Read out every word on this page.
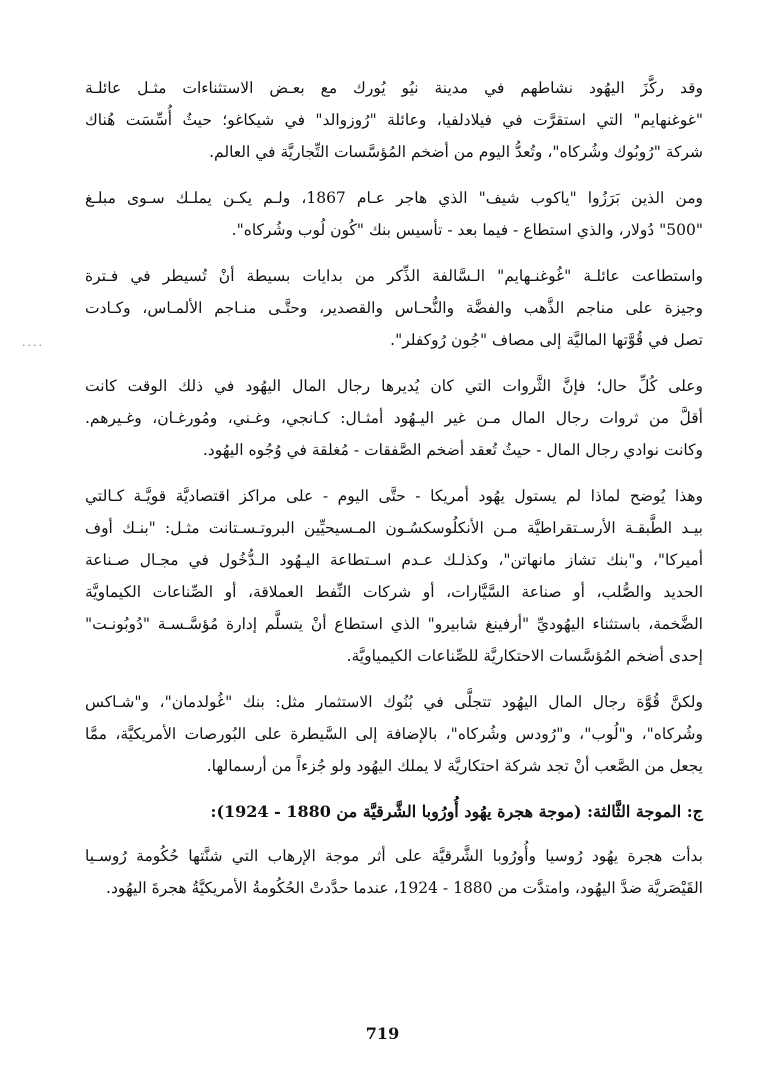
وقد ركَّزَ اليهُود نشاطهم في مدينة نيُو يُورك مع بعـض الاستثناءات مثـل عائلـة
"غوغنهايم" التي استقرَّت في فيلادلفيا، وعائلة "رُوزوالد" في شيكاغو؛ حيثُ أُسِّسَت هُناك
شركة "رُوبُوك وشُركاه"، وتُعدُّ اليوم من أضخم المُؤسَّسات التِّجاريَّة في العالم.

ومن الذين بَرَزُوا "ياكوب شيف" الذي هاجر عـام 1867، ولـم يكـن يملـك سـوى مبلـغ
"500" دُولار، والذي استطاع - فيما بعد - تأسيس بنك "كُون لُوب وشُركاه".

واستطاعت عائلـة "غُوغنـهايم" الـسَّالفة الذِّكر من بدايات بسيطة أنْ تُسيطر في فـترة
وجيزة على مناجم الذَّهب والفضَّة والنُّحـاس والقصدير، وحتَّـى منـاجم الألمـاس، وكـادت
تصل في قُوَّتها الماليَّة إلى مصاف "جُون رُوكفلر".

وعلى كُلِّ حال؛ فإنَّ الثَّروات التي كان يُديرها رجال المال اليهُود في ذلك الوقت كانت
أقلَّ من ثروات رجال المال مـن غير اليـهُود أمثـال: كـانجي، وغـني، ومُورغـان، وغـيرهم.
وكانت نوادي رجال المال - حيثُ تُعقد أضخم الصَّفقات - مُغلقة في وُجُوه اليهُود.

وهذا يُوضح لماذا لم يستول يهُود أمريكا - حتَّى اليوم - على مراكز اقتصاديَّة قويَّـة كـالتي
بيـد الطَّبقـة الأرسـتقراطيَّة مـن الأنكلُوسكسُـون المـسيحيِّين البروتـسـتانت مثـل: "بنـك أوف
أميركا"، و"بنك تشاز مانهاتن"، وكذلـك عـدم اسـتطاعة اليـهُود الـدُّخُول في مجـال صـناعة
الحديد والصُّلب، أو صناعة السَّيَّارات، أو شركات النِّفط العملاقة، أو الصِّناعات الكيماويَّة
الضَّخمة، باستثناء اليهُوديِّ "أرفينغ شابيرو" الذي استطاع أنْ يتسلَّم إدارة مُؤسَّـسـة "دُوبُونـت"
إحدى أضخم المُؤسَّسات الاحتكاريَّة للصِّناعات الكيمياويَّة.

ولكنَّ قُوَّة رجال المال اليهُود تتجلَّى في بُنُوك الاستثمار مثل: بنك "غُولدمان"، و"شـاكس
وشُركاه"، و"لُوب"، و"رُودس وشُركاه"، بالإضافة إلى السَّيطرة على البُورصات الأمريكيَّة، ممَّا
يجعل من الصَّعب أنْ تجد شركة احتكاريَّة لا يملك اليهُود ولو جُزءاً من أرسمالها.

ج: الموجة الثَّالثة: (موجة هجرة يهُود أُورُوبا الشَّرقيَّة من 1880 - 1924):

بدأت هجرة يهُود رُوسيا وأُورُوبا الشَّرقيَّة على أثر موجة الإرهاب التي شنَّتها حُكُومة رُوسـيا
القَيْصَريَّة ضدَّ اليهُود، وامتدَّت من 1880 - 1924، عندما حدَّدتْ الحُكُومةُ الأمريكيَّةُ هجرةَ اليهُود.

....
719
